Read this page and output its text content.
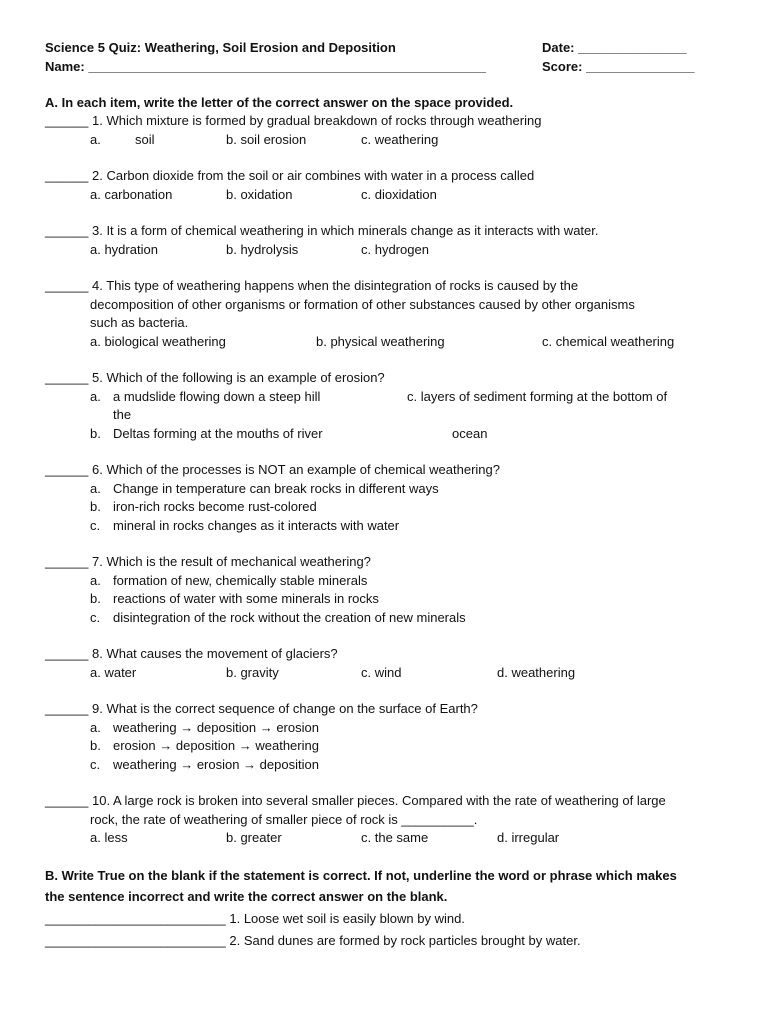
Science 5 Quiz: Weathering, Soil Erosion and Deposition	Date: _______________
Name: _______________________________________________________	Score: _______________
A. In each item, write the letter of the correct answer on the space provided.
______ 1. Which mixture is formed by gradual breakdown of rocks through weathering
a.	soil	b. soil erosion	c. weathering
______ 2. Carbon dioxide from the soil or air combines with water in a process called
a. carbonation	b. oxidation	c. dioxidation
______ 3. It is a form of chemical weathering in which minerals change as it interacts with water.
a. hydration	b. hydrolysis	c. hydrogen
______ 4. This type of weathering happens when the disintegration of rocks is caused by the
decomposition of other organisms or formation of other substances caused by other organisms
such as bacteria.
a. biological weathering	b. physical weathering	c. chemical weathering
______ 5. Which of the following is an example of erosion?
a. a mudslide flowing down a steep hill	c. layers of sediment forming at the bottom of
the
b. Deltas forming at the mouths of river	ocean
______ 6. Which of the processes is NOT an example of chemical weathering?
a. Change in temperature can break rocks in different ways
b. iron-rich rocks become rust-colored
c. mineral in rocks changes as it interacts with water
______ 7. Which is the result of mechanical weathering?
a. formation of new, chemically stable minerals
b. reactions of water with some minerals in rocks
c. disintegration of the rock without the creation of new minerals
______ 8. What causes the movement of glaciers?
a. water	b. gravity	c. wind	d. weathering
______ 9. What is the correct sequence of change on the surface of Earth?
a. weathering → deposition → erosion
b. erosion → deposition → weathering
c. weathering → erosion → deposition
______ 10. A large rock is broken into several smaller pieces. Compared with the rate of weathering of large
rock, the rate of weathering of smaller piece of rock is __________.
a. less	b. greater	c. the same	d. irregular
B. Write True on the blank if the statement is correct. If not, underline the word or phrase which makes
the sentence incorrect and write the correct answer on the blank.
_________________________ 1. Loose wet soil is easily blown by wind.
_________________________ 2. Sand dunes are formed by rock particles brought by water.
